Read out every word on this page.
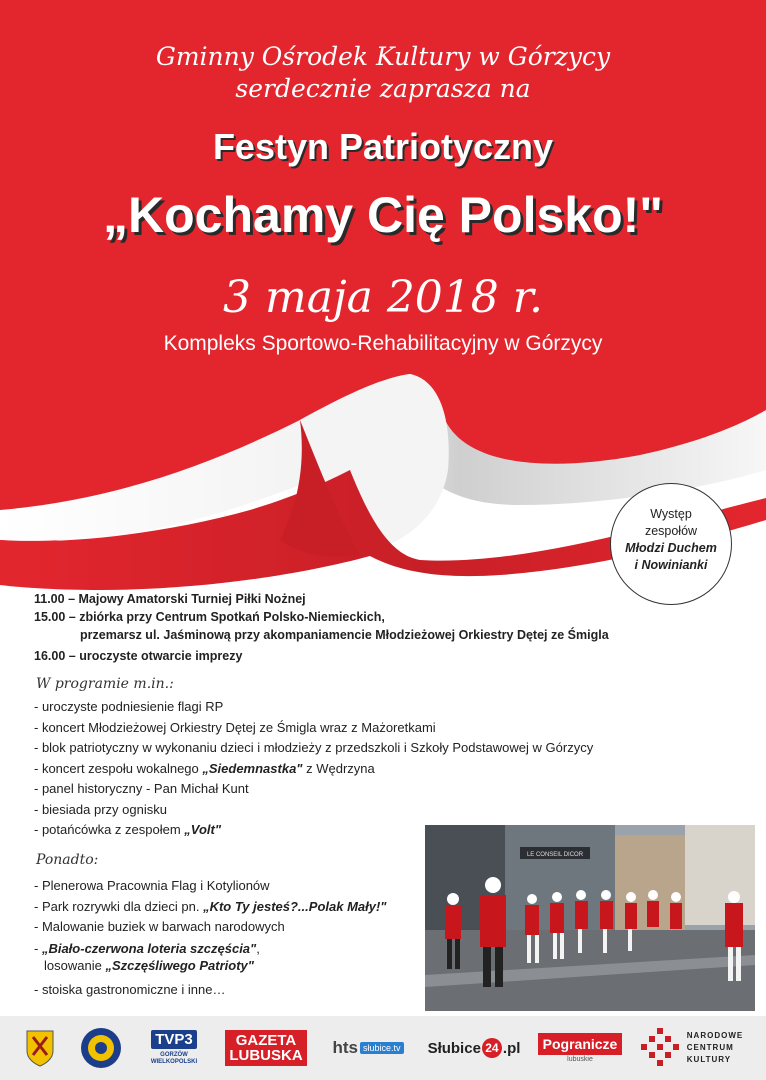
Gminny Ośrodek Kultury w Górzycy
serdecznie zaprasza na
Festyn Patriotyczny
„Kochamy Cię Polsko!"
3 maja 2018 r.
Kompleks Sportowo-Rehabilitacyjny w Górzycy
Występ
zespołów
Młodzi Duchem
i Nowinianki
11.00 – Majowy Amatorski Turniej Piłki Nożnej
15.00 – zbiórka przy Centrum Spotkań Polsko-Niemieckich,
przemarsz ul. Jaśminową przy akompaniamencie Młodzieżowej Orkiestry Dętej ze Śmigla
16.00 – uroczyste otwarcie imprezy
W programie m.in.:
- uroczyste podniesienie flagi RP
- koncert Młodzieżowej Orkiestry Dętej ze Śmigla wraz z Mażoretkami
- blok patriotyczny w wykonaniu dzieci i młodzieży z przedszkoli i Szkoły Podstawowej w Górzycy
- koncert zespołu wokalnego „Siedemnastka" z Wędrzyna
- panel historyczny - Pan Michał Kunt
- biesiada przy ognisku
- potańcówka z zespołem „Volt"
Ponadto:
- Plenerowa Pracownia Flag i Kotylionów
- Park rozrywki dla dzieci pn. „Kto Ty jesteś?...Polak Mały!"
- Malowanie buziek w barwach narodowych
- „Biało-czerwona loteria szczęścia",
losowanie „Szczęśliwego Patrioty"
- stoiska gastronomiczne i inne…
LE CONSEIL DICOR
TVP3
GORZÓW WIELKOPOLSKI
GAZETA
LUBUSKA hts słubice.tv Słubice 24 .pl	Pogranicze
lubuskie
NARODOWE
CENTRUM
KULTURY
